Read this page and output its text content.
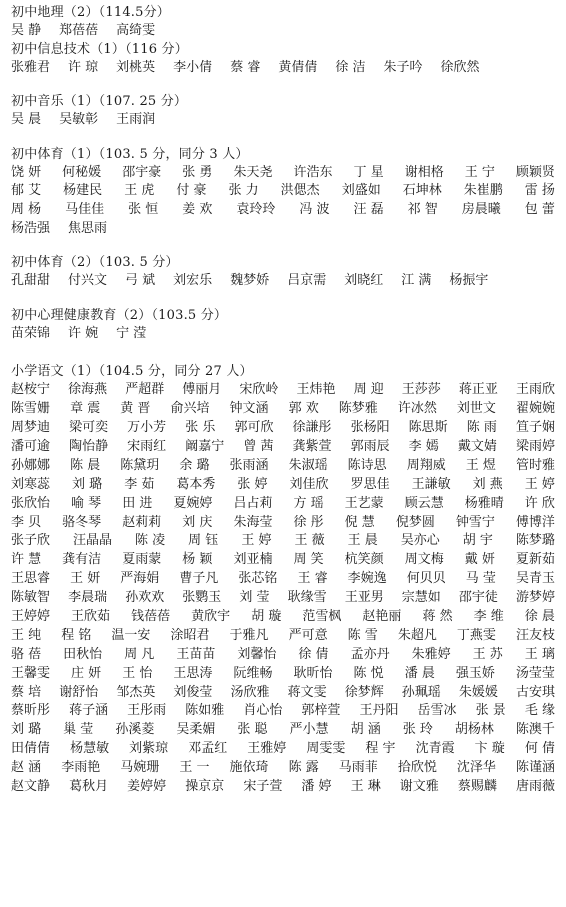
初中地理（2）（114.5分）
吴 静 郑蓓蓓 高绮雯
初中信息技术（1）（116 分）
张雅君 许 琼 刘桃英 李小倩 蔡 睿 黄倩倩 徐 洁 朱子吟 徐欣然
初中音乐（1）（107. 25 分）
吴 晨 吴敏彰 王雨润
初中体育（1）（103. 5 分，同分 3 人）
饶 妍 何秘媛 邵宇豪 张 勇 朱天尧 许浩东 丁 星 谢相格 王 宁 顾颖贤
郁 艾 杨建民 王 虎 付 豪 张 力 洪偲杰 刘盛如 石坤林 朱崔鹏 雷 扬
周 杨 马佳佳 张 恒 姜 欢 袁玲玲 冯 波 汪 磊 祁 智 房晨曦 包 蕾
杨浩强 焦思雨
初中体育（2）（103. 5 分）
孔甜甜 付兴文 弓 斌 刘宏乐 魏梦娇 吕京需 刘晓红 江 满 杨振宇
初中心理健康教育（2）（103.5 分）
苗荣锦 许 婉 宁 滢
小学语文（1）（104.5 分，同分 27 人）
赵桉宁 徐海燕 严超群 傅丽月 宋欣岭 王炜艳 周 迎 王莎莎 蒋正亚 王雨欣
陈雪姗 章 震 黄 晋 俞兴培 钟文涵 郭 欢 陈梦雅 许冰然 刘世文 翟婉婉
周梦迪 梁可奕 万小芳 张 乐 郭可欣 徐謙彤 张杨阳 陈思斯 陈 雨 笪子娴
潘可逾 陶怡静 宋雨红 阚嘉宁 曾 茜 龚紫萱 郭雨辰 李 嫣 戴文婧 梁雨婷
孙娜娜 陈 晨 陈黛玥 余 璐 张雨涵 朱淑瑶 陈诗思 周翔威 王 煜 管时雅
刘寒蕊 刘 璐 李 茹 葛本秀 张 婷 刘佳欣 罗思佳 王謙敏 刘 燕 王 婷
张欣怡 喻 琴 田 进 夏婉婷 吕占莉 方 瑶 王艺蒙 顾云慧 杨雅晴 许 欣
李 贝 骆冬琴 赵莉莉 刘 庆 朱海莹 徐 彤 倪 慧 倪梦圆 钟雪宁 傅博洋
张子欣 汪晶晶 陈 凌 周 钰 王 婷 王 薇 王 晨 吴亦心 胡 宇 陈梦璐
许 慧 龚有洁 夏雨蒙 杨 颖 刘亚楠 周 笑 杭笑颜 周文梅 戴 妍 夏新茹
王思睿 王 妍 严海娟 曹子凡 张芯铭 王 睿 李婉逸 何贝贝 马 莹 吴青玉
陈敏智 李晨瑞 孙欢欢 张鹦玉 刘 莹 耿缘雪 王亚男 宗慧如 邵宇徒 游梦婷
王婷婷 王欣茹 钱蓓蓓 黄欣宇 胡 璇 范雪枫 赵艳丽 蒋 然 李 维 徐 晨
王 纯 程 铭 温一安 涂昭君 于雅凡 严可意 陈 雪 朱超凡 丁燕雯 汪友枝
骆 蓓 田秋怡 周 凡 王苗苗 刘馨怡 徐 倩 孟亦丹 朱雅婷 王 苏 王 璃
王馨雯 庄 妍 王 怡 王思涛 阮维畅 耿昕怡 陈 悦 潘 晨 强玉娇 汤莹莹
蔡 培 谢舒怡 邹杰英 刘俊莹 汤欣雅 蒋文雯 徐梦辉 孙珮瑶 朱媛媛 古安琪
蔡昕彤 蒋子涵 王彤雨 陈如雅 肖心怡 郭梓萱 王丹阳 岳雪冰 张 景 毛 缘
刘 璐 巢 莹 孙溪菱 吴柔媚 张 聪 严小慧 胡 涵 张 玲 胡杨林 陈澳千
田倩倩 杨慧敏 刘紫琼 邓孟红 王雅婷 周雯雯 程 宇 沈青霞 卞 璇 何 倩
赵 涵 李雨艳 马婉珊 王 一 施依琦 陈 露 马雨菲 拾欣悦 沈泽华 陈谨涵
赵文静 葛秋月 姜婷婷 操京京 宋子萱 潘 婷 王 琳 谢文雅 蔡赐麟 唐雨薇
